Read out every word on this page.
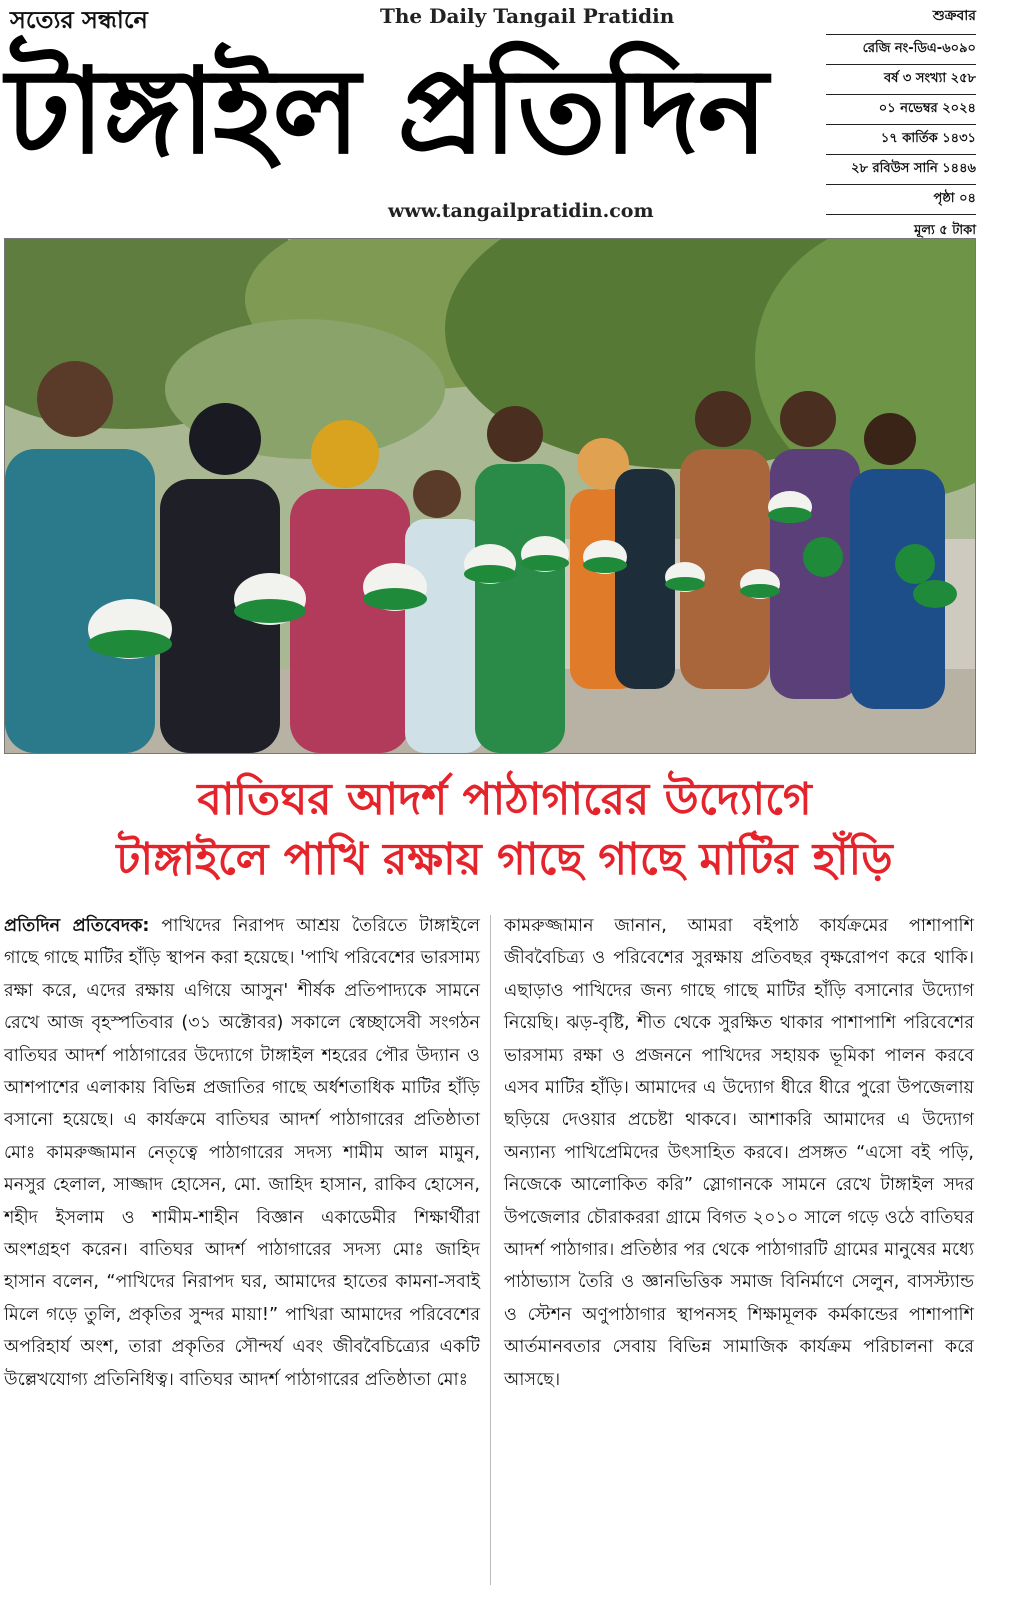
সত্যের সন্ধানে	The Daily Tangail Pratidin
টাঙ্গাইল প্রতিদিন
www.tangailpratidin.com
শুক্রবার
রেজি নং-ডিএ-৬০৯০
বর্ষ ৩ সংখ্যা ২৫৮
০১ নভেম্বর ২০২৪
১৭ কার্তিক ১৪৩১
২৮ রবিউস সানি ১৪৪৬
পৃষ্ঠা ০৪
মূল্য ৫ টাকা
বাতিঘর আদর্শ পাঠাগারের উদ্যোগে
টাঙ্গাইলে পাখি রক্ষায় গাছে গাছে মাটির হাঁড়ি
প্রতিদিন প্রতিবেদক: পাখিদের নিরাপদ আশ্রয় তৈরিতে টাঙ্গাইলে গাছে গাছে মাটির হাঁড়ি স্থাপন করা হয়েছে। 'পাখি পরিবেশের ভারসাম্য রক্ষা করে, এদের রক্ষায় এগিয়ে আসুন' শীর্ষক প্রতিপাদ্যকে সামনে রেখে আজ বৃহস্পতিবার (৩১ অক্টোবর) সকালে স্বেচ্ছাসেবী সংগঠন বাতিঘর আদর্শ পাঠাগারের উদ্যোগে টাঙ্গাইল শহরের পৌর উদ্যান ও আশপাশের এলাকায় বিভিন্ন প্রজাতির গাছে অর্ধশতাধিক মাটির হাঁড়ি বসানো হয়েছে। এ কার্যক্রমে বাতিঘর আদর্শ পাঠাগারের প্রতিষ্ঠাতা মোঃ কামরুজ্জামান নেতৃত্বে পাঠাগারের সদস্য শামীম আল মামুন, মনসুর হেলাল, সাজ্জাদ হোসেন, মো. জাহিদ হাসান, রাকিব হোসেন, শহীদ ইসলাম ও শামীম-শাহীন বিজ্ঞান একাডেমীর শিক্ষার্থীরা অংশগ্রহণ করেন। বাতিঘর আদর্শ পাঠাগারের সদস্য মোঃ জাহিদ হাসান বলেন, “পাখিদের নিরাপদ ঘর, আমাদের হাতের কামনা-সবাই মিলে গড়ে তুলি, প্রকৃতির সুন্দর মায়া!” পাখিরা আমাদের পরিবেশের অপরিহার্য অংশ, তারা প্রকৃতির সৌন্দর্য এবং জীববৈচিত্র্যের একটি উল্লেখযোগ্য প্রতিনিধিত্ব। বাতিঘর আদর্শ পাঠাগারের প্রতিষ্ঠাতা মোঃ
কামরুজ্জামান জানান, আমরা বইপাঠ কার্যক্রমের পাশাপাশি জীববৈচিত্র্য ও পরিবেশের সুরক্ষায় প্রতিবছর বৃক্ষরোপণ করে থাকি। এছাড়াও পাখিদের জন্য গাছে গাছে মাটির হাঁড়ি বসানোর উদ্যোগ নিয়েছি। ঝড়-বৃষ্টি, শীত থেকে সুরক্ষিত থাকার পাশাপাশি পরিবেশের ভারসাম্য রক্ষা ও প্রজননে পাখিদের সহায়ক ভূমিকা পালন করবে এসব মাটির হাঁড়ি। আমাদের এ উদ্যোগ ধীরে ধীরে পুরো উপজেলায় ছড়িয়ে দেওয়ার প্রচেষ্টা থাকবে। আশাকরি আমাদের এ উদ্যোগ অন্যান্য পাখিপ্রেমিদের উৎসাহিত করবে। প্রসঙ্গত “এসো বই পড়ি, নিজেকে আলোকিত করি” স্লোগানকে সামনে রেখে টাঙ্গাইল সদর উপজেলার চৌরাকররা গ্রামে বিগত ২০১০ সালে গড়ে ওঠে বাতিঘর আদর্শ পাঠাগার। প্রতিষ্ঠার পর থেকে পাঠাগারটি গ্রামের মানুষের মধ্যে পাঠাভ্যাস তৈরি ও জ্ঞানভিত্তিক সমাজ বিনির্মাণে সেলুন, বাসস্ট্যান্ড ও স্টেশন অণুপাঠাগার স্থাপনসহ শিক্ষামূলক কর্মকান্ডের পাশাপাশি আর্তমানবতার সেবায় বিভিন্ন সামাজিক কার্যক্রম পরিচালনা করে আসছে।
